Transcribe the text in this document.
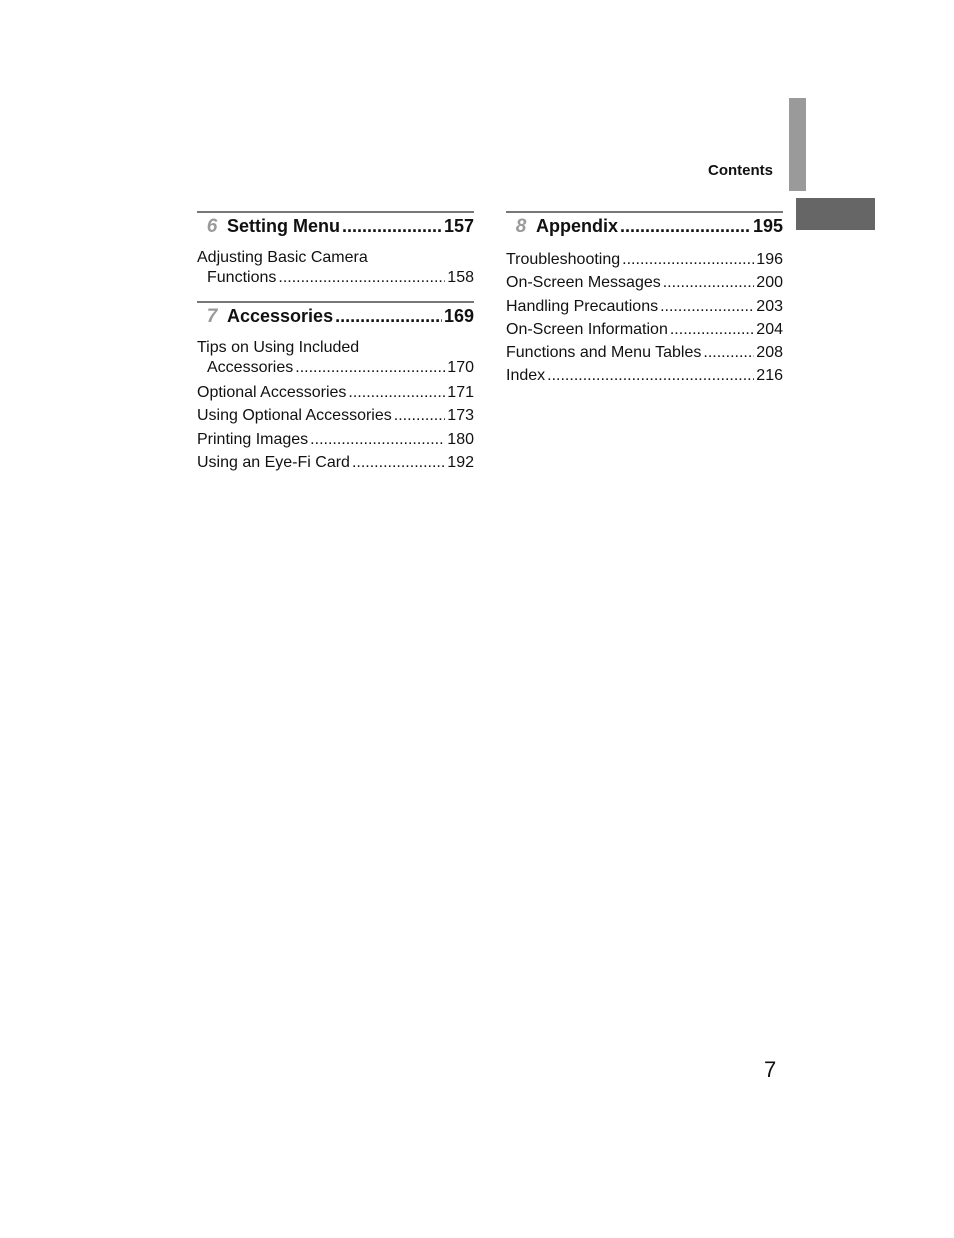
Contents
6 Setting Menu .....	157
Adjusting Basic Camera
Functions .....	158
7 Accessories .....	169
Tips on Using Included
Accessories .....	170
Optional Accessories .....	171
Using Optional Accessories .....	173
Printing Images .....	180
Using an Eye-Fi Card .....	192
8 Appendix .....	195
Troubleshooting .....	196
On-Screen Messages .....	200
Handling Precautions .....	203
On-Screen Information .....	204
Functions and Menu Tables .....	208
Index .....	216
7
